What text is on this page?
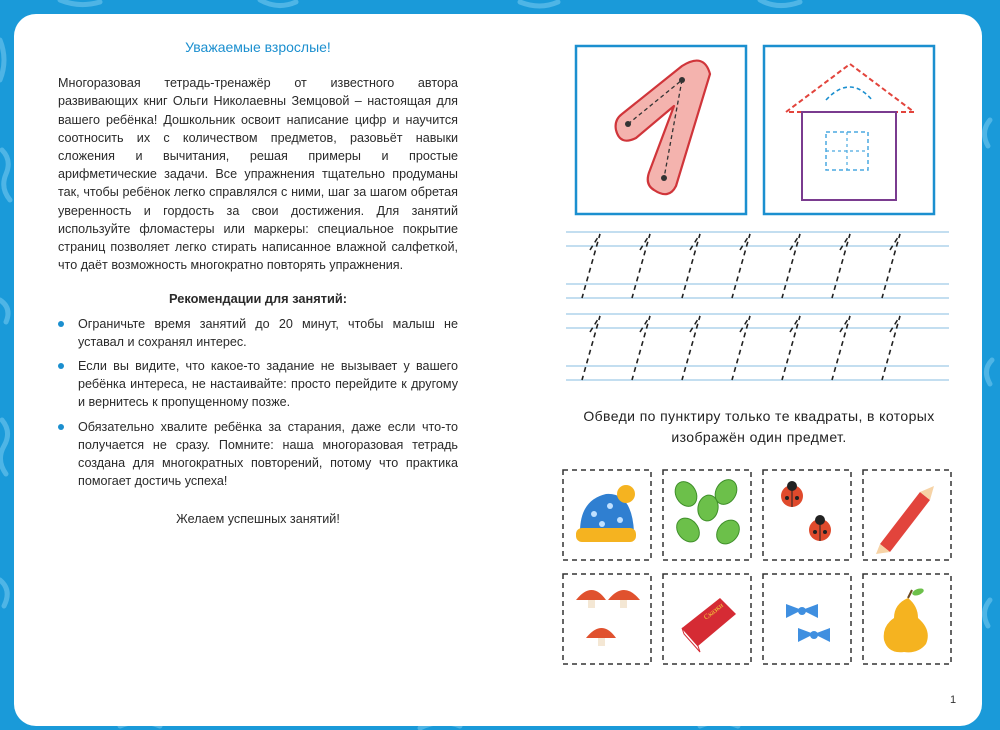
Уважаемые взрослые!

Многоразовая тетрадь-тренажёр от известного автора развивающих книг Ольги Николаевны Земцовой – настоящая для вашего ребёнка! Дошкольник освоит написание цифр и научится соотносить их с количеством предметов, разовьёт навыки сложения и вычитания, решая примеры и простые арифметические задачи. Все упражнения тщательно продуманы так, чтобы ребёнок легко справлялся с ними, шаг за шагом обретая уверенность и гордость за свои достижения. Для занятий используйте фломастеры или маркеры: специальное покрытие страниц позволяет легко стирать написанное влажной салфеткой, что даёт возможность многократно повторять упражнения.

Рекомендации для занятий:
Ограничьте время занятий до 20 минут, чтобы малыш не уставал и сохранял интерес.
Если вы видите, что какое-то задание не вызывает у вашего ребёнка интереса, не настаивайте: просто перейдите к другому и вернитесь к пропущенному позже.
Обязательно хвалите ребёнка за старания, даже если что-то получается не сразу. Помните: наша многоразовая тетрадь создана для многократных повторений, потому что практика помогает достичь успеха!
Желаем успешных занятий!
Сказки
Обведи по пунктиру только те квадраты, в которых изображён один предмет.
1
